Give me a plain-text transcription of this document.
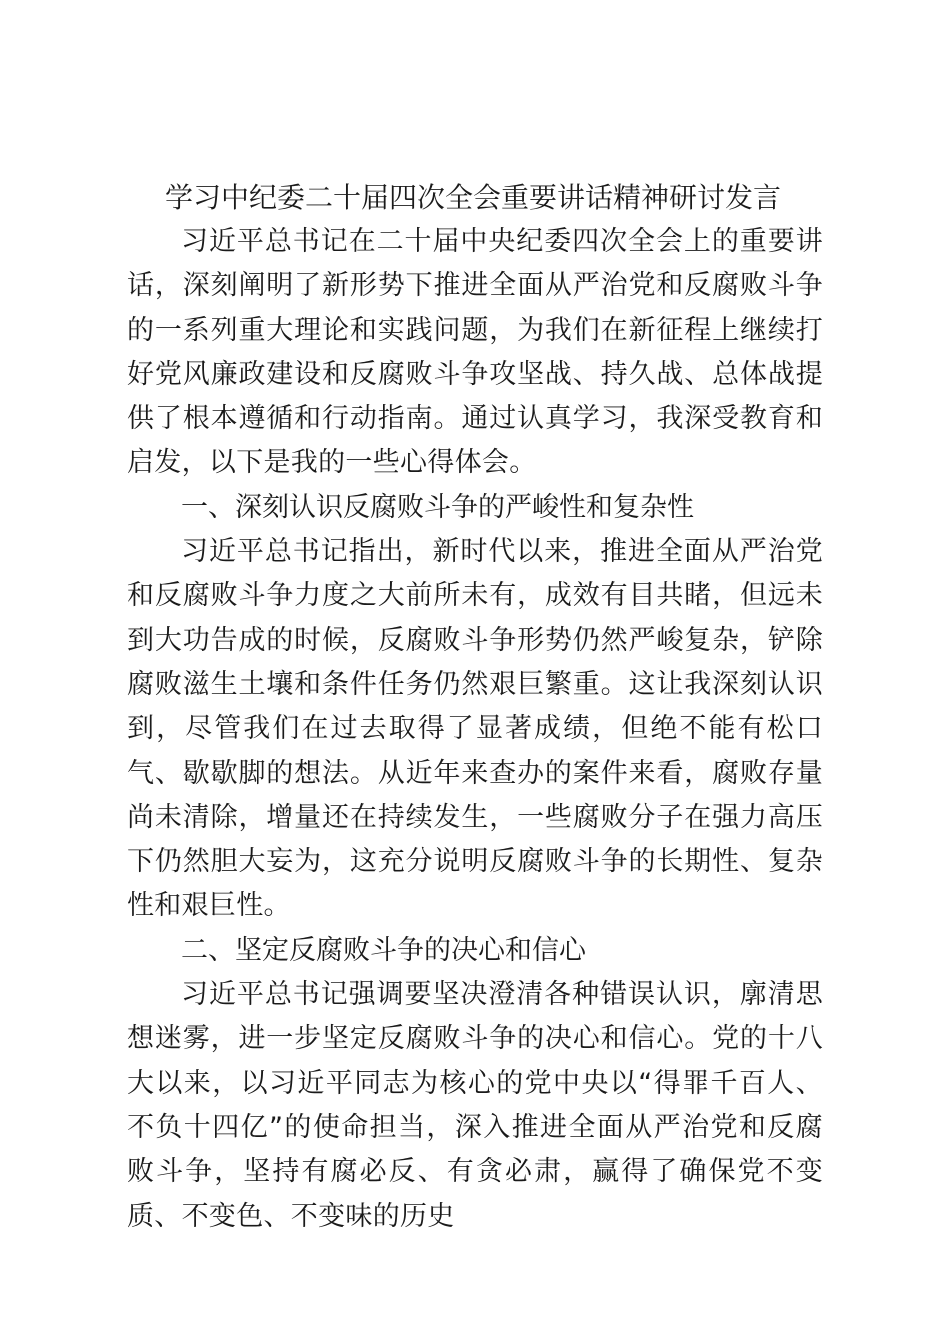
学习中纪委二十届四次全会重要讲话精神研讨发言

习近平总书记在二十届中央纪委四次全会上的重要讲话，深刻阐明了新形势下推进全面从严治党和反腐败斗争的一系列重大理论和实践问题，为我们在新征程上继续打好党风廉政建设和反腐败斗争攻坚战、持久战、总体战提供了根本遵循和行动指南。通过认真学习，我深受教育和启发，以下是我的一些心得体会。

一、深刻认识反腐败斗争的严峻性和复杂性

习近平总书记指出，新时代以来，推进全面从严治党和反腐败斗争力度之大前所未有，成效有目共睹，但远未到大功告成的时候，反腐败斗争形势仍然严峻复杂，铲除腐败滋生土壤和条件任务仍然艰巨繁重。这让我深刻认识到，尽管我们在过去取得了显著成绩，但绝不能有松口气、歇歇脚的想法。从近年来查办的案件来看，腐败存量尚未清除，增量还在持续发生，一些腐败分子在强力高压下仍然胆大妄为，这充分说明反腐败斗争的长期性、复杂性和艰巨性。

二、坚定反腐败斗争的决心和信心

习近平总书记强调要坚决澄清各种错误认识，廓清思想迷雾，进一步坚定反腐败斗争的决心和信心。党的十八大以来，以习近平同志为核心的党中央以“得罪千百人、不负十四亿”的使命担当，深入推进全面从严治党和反腐败斗争，坚持有腐必反、有贪必肃，赢得了确保党不变质、不变色、不变味的历史
